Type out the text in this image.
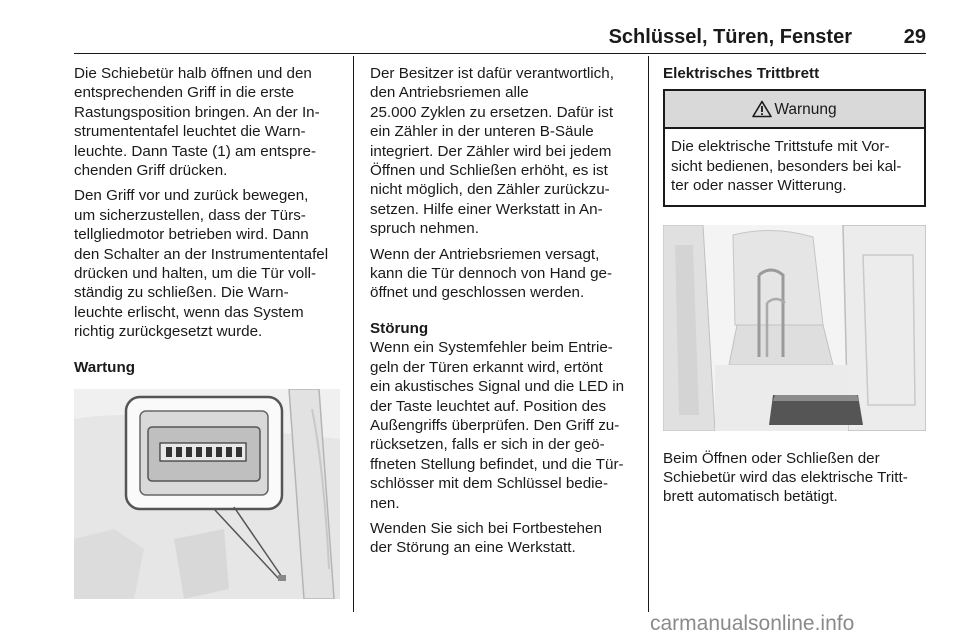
Schlüssel, Türen, Fenster	29

Die Schiebetür halb öffnen und den
entsprechenden Griff in die erste
Rastungsposition bringen. An der In-
strumententafel leuchtet die Warn-
leuchte. Dann Taste (1) am entspre-
chenden Griff drücken.

Den Griff vor und zurück bewegen,
um sicherzustellen, dass der Türs-
tellgliedmotor betrieben wird. Dann
den Schalter an der Instrumententafel
drücken und halten, um die Tür voll-
ständig zu schließen. Die Warn-
leuchte erlischt, wenn das System
richtig zurückgesetzt wurde.

Wartung

Der Besitzer ist dafür verantwortlich,
den Antriebsriemen alle
25.000 Zyklen zu ersetzen. Dafür ist
ein Zähler in der unteren B-Säule
integriert. Der Zähler wird bei jedem
Öffnen und Schließen erhöht, es ist
nicht möglich, den Zähler zurückzu-
setzen. Hilfe einer Werkstatt in An-
spruch nehmen.

Wenn der Antriebsriemen versagt,
kann die Tür dennoch von Hand ge-
öffnet und geschlossen werden.

Störung

Wenn ein Systemfehler beim Entrie-
geln der Türen erkannt wird, ertönt
ein akustisches Signal und die LED in
der Taste leuchtet auf. Position des
Außengriffs überprüfen. Den Griff zu-
rücksetzen, falls er sich in der geö-
ffneten Stellung befindet, und die Tür-
schlösser mit dem Schlüssel bedie-
nen.

Wenden Sie sich bei Fortbestehen
der Störung an eine Werkstatt.

Elektrisches Trittbrett
Warnung
Die elektrische Trittstufe mit Vor-
sicht bedienen, besonders bei kal-
ter oder nasser Witterung.

Beim Öffnen oder Schließen der
Schiebetür wird das elektrische Tritt-
brett automatisch betätigt.

carmanualsonline.info
